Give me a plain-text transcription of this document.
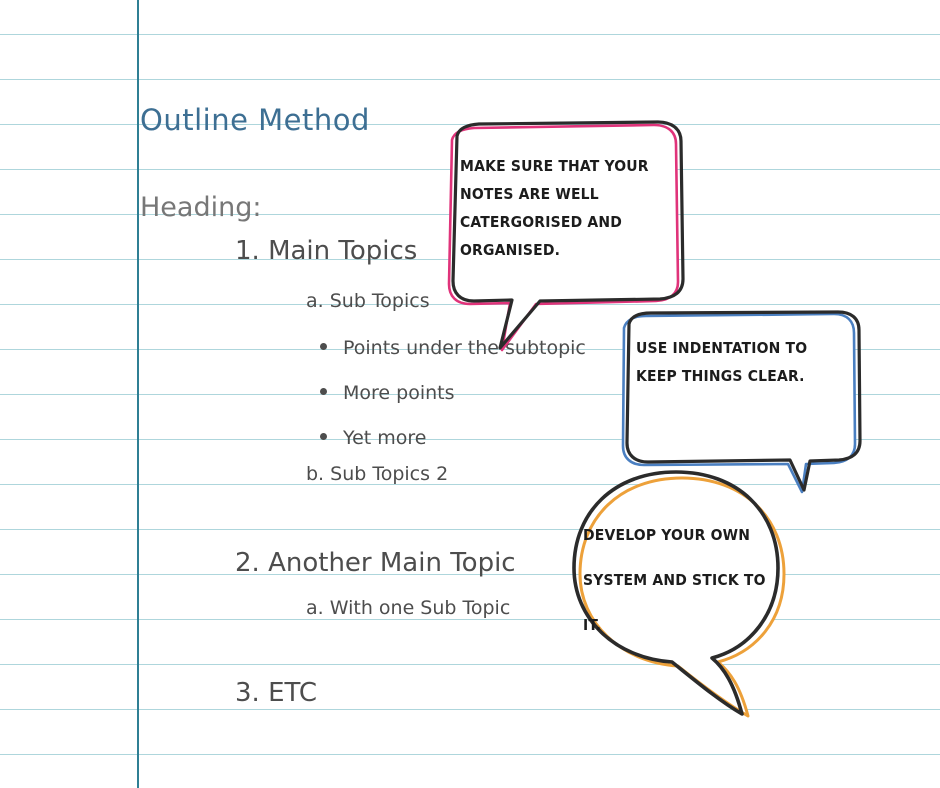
Outline Method
Heading:
1. Main Topics
a. Sub Topics
Points under the subtopic
More points
Yet more
b. Sub Topics 2
2. Another Main Topic
a. With one Sub Topic
3. ETC
MAKE SURE THAT YOUR NOTES ARE WELL CATERGORISED AND ORGANISED.
USE INDENTATION TO KEEP THINGS CLEAR.
DEVELOP YOUR OWN SYSTEM AND STICK TO IT.
